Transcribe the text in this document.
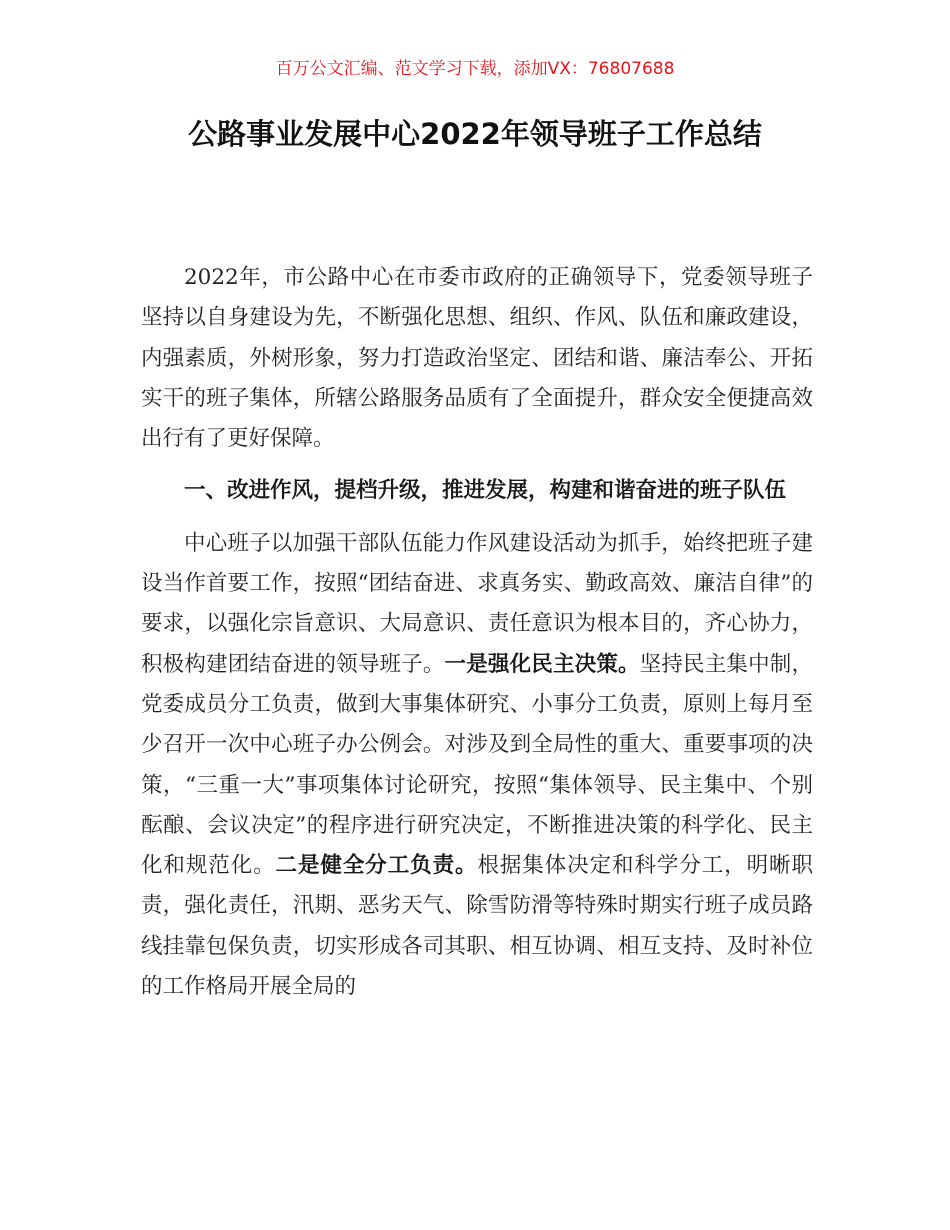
百万公文汇编、范文学习下载，添加VX：76807688
公路事业发展中心2022年领导班子工作总结

2022年，市公路中心在市委市政府的正确领导下，党委领导班子坚持以自身建设为先，不断强化思想、组织、作风、队伍和廉政建设，内强素质，外树形象，努力打造政治坚定、团结和谐、廉洁奉公、开拓实干的班子集体，所辖公路服务品质有了全面提升，群众安全便捷高效出行有了更好保障。

一、改进作风，提档升级，推进发展，构建和谐奋进的班子队伍

中心班子以加强干部队伍能力作风建设活动为抓手，始终把班子建设当作首要工作，按照“团结奋进、求真务实、勤政高效、廉洁自律”的要求，以强化宗旨意识、大局意识、责任意识为根本目的，齐心协力，积极构建团结奋进的领导班子。一是强化民主决策。坚持民主集中制，党委成员分工负责，做到大事集体研究、小事分工负责，原则上每月至少召开一次中心班子办公例会。对涉及到全局性的重大、重要事项的决策，“三重一大”事项集体讨论研究，按照“集体领导、民主集中、个别酝酿、会议决定”的程序进行研究决定，不断推进决策的科学化、民主化和规范化。二是健全分工负责。根据集体决定和科学分工，明晰职责，强化责任，汛期、恶劣天气、除雪防滑等特殊时期实行班子成员路线挂靠包保负责，切实形成各司其职、相互协调、相互支持、及时补位的工作格局开展全局的
